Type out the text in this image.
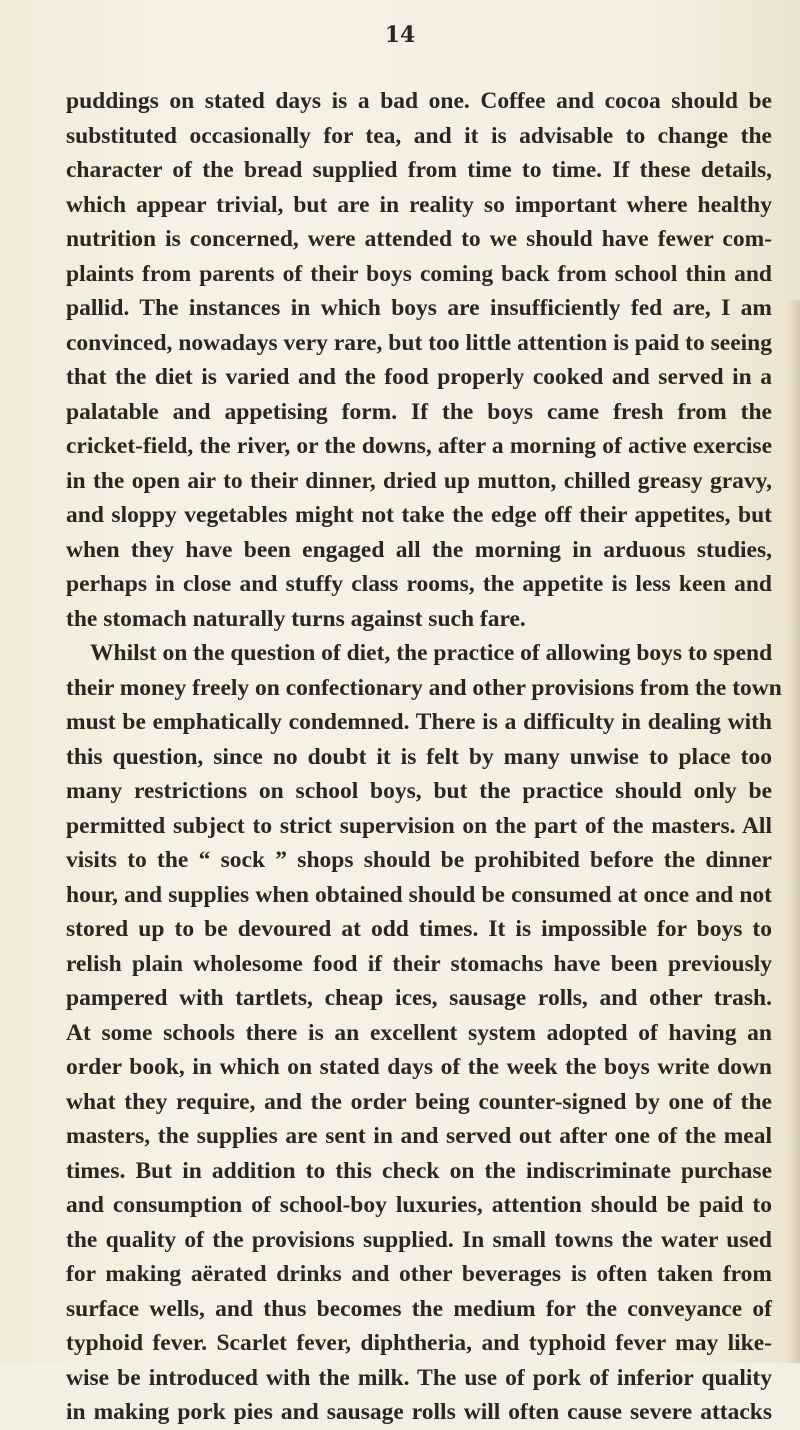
14
puddings on stated days is a bad one. Coffee and cocoa should be
substituted occasionally for tea, and it is advisable to change the
character of the bread supplied from time to time. If these details,
which appear trivial, but are in reality so important where healthy
nutrition is concerned, were attended to we should have fewer com-
plaints from parents of their boys coming back from school thin and
pallid. The instances in which boys are insufficiently fed are, I am
convinced, nowadays very rare, but too little attention is paid to seeing
that the diet is varied and the food properly cooked and served in a
palatable and appetising form. If the boys came fresh from the
cricket-field, the river, or the downs, after a morning of active exercise
in the open air to their dinner, dried up mutton, chilled greasy gravy,
and sloppy vegetables might not take the edge off their appetites, but
when they have been engaged all the morning in arduous studies,
perhaps in close and stuffy class rooms, the appetite is less keen and
the stomach naturally turns against such fare.
Whilst on the question of diet, the practice of allowing boys to spend
their money freely on confectionary and other provisions from the town
must be emphatically condemned. There is a difficulty in dealing with
this question, since no doubt it is felt by many unwise to place too
many restrictions on school boys, but the practice should only be
permitted subject to strict supervision on the part of the masters. All
visits to the “ sock ” shops should be prohibited before the dinner
hour, and supplies when obtained should be consumed at once and not
stored up to be devoured at odd times. It is impossible for boys to
relish plain wholesome food if their stomachs have been previously
pampered with tartlets, cheap ices, sausage rolls, and other trash.
At some schools there is an excellent system adopted of having an
order book, in which on stated days of the week the boys write down
what they require, and the order being counter-signed by one of the
masters, the supplies are sent in and served out after one of the meal
times. But in addition to this check on the indiscriminate purchase
and consumption of school-boy luxuries, attention should be paid to
the quality of the provisions supplied. In small towns the water used
for making aërated drinks and other beverages is often taken from
surface wells, and thus becomes the medium for the conveyance of
typhoid fever. Scarlet fever, diphtheria, and typhoid fever may like-
wise be introduced with the milk. The use of pork of inferior quality
in making pork pies and sausage rolls will often cause severe attacks
